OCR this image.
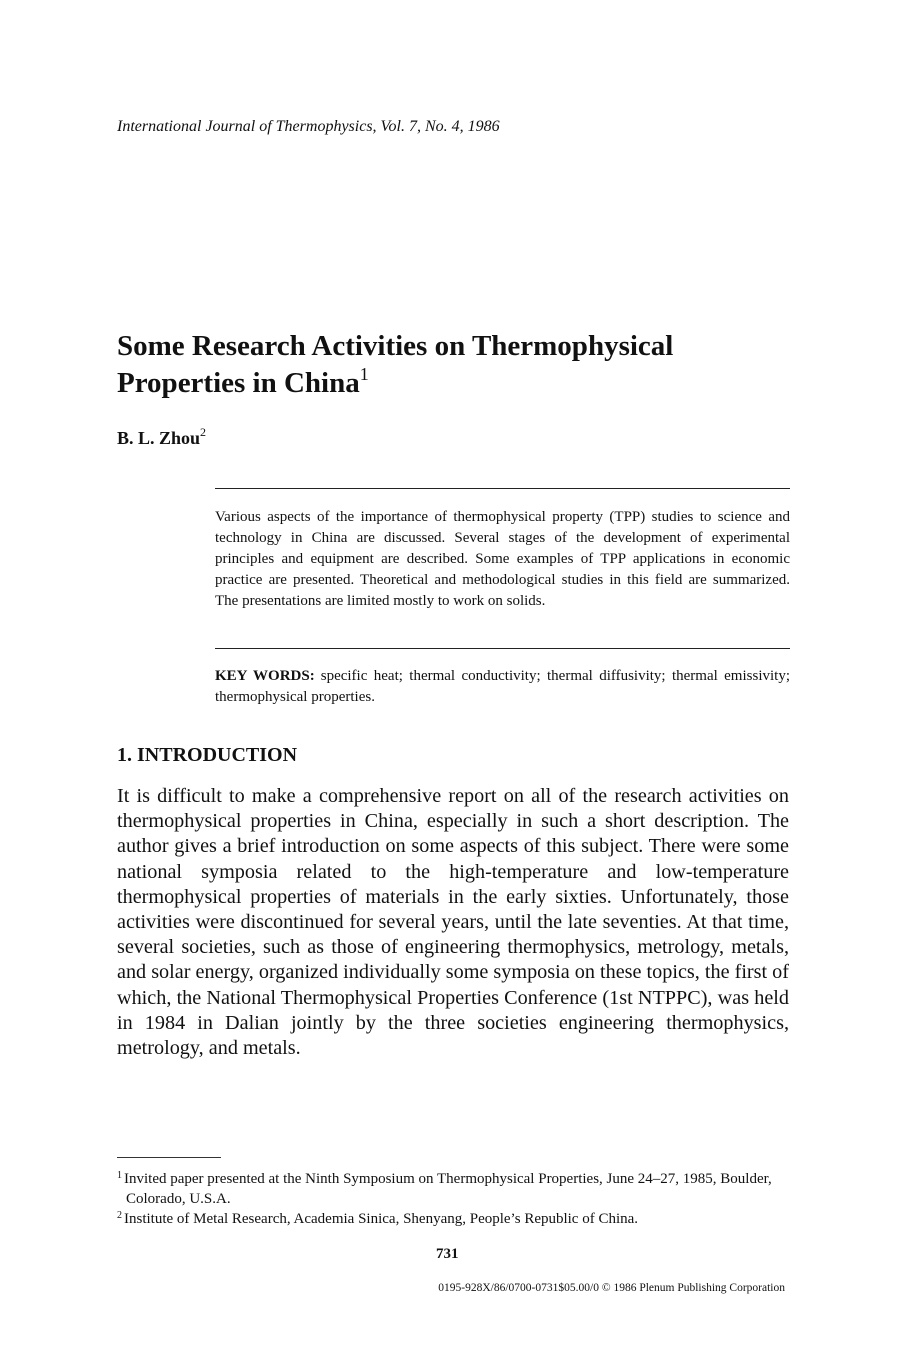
International Journal of Thermophysics, Vol. 7, No. 4, 1986
Some Research Activities on Thermophysical
Properties in China$^1$
B. L. Zhou$^2$

Various aspects of the importance of thermophysical property (TPP) studies to science and technology in China are discussed. Several stages of the development of experimental principles and equipment are described. Some examples of TPP applications in economic practice are presented. Theoretical and methodological studies in this field are summarized. The presentations are limited mostly to work on solids.

KEY WORDS: specific heat; thermal conductivity; thermal diffusivity; thermal emissivity; thermophysical properties.

1. INTRODUCTION

It is difficult to make a comprehensive report on all of the research activities on thermophysical properties in China, especially in such a short description. The author gives a brief introduction on some aspects of this subject. There were some national symposia related to the high-temperature and low-temperature thermophysical properties of materials in the early sixties. Unfortunately, those activities were discontinued for several years, until the late seventies. At that time, several societies, such as those of engineering thermophysics, metrology, metals, and solar energy, organized individually some symposia on these topics, the first of which, the National Thermophysical Properties Conference (1st NTPPC), was held in 1984 in Dalian jointly by the three societies engineering thermophysics, metrology, and metals.

$^1$ Invited paper presented at the Ninth Symposium on Thermophysical Properties, June 24–27, 1985, Boulder, Colorado, U.S.A.
$^2$ Institute of Metal Research, Academia Sinica, Shenyang, People’s Republic of China.
731
0195-928X/86/0700-0731$05.00/0 © 1986 Plenum Publishing Corporation
